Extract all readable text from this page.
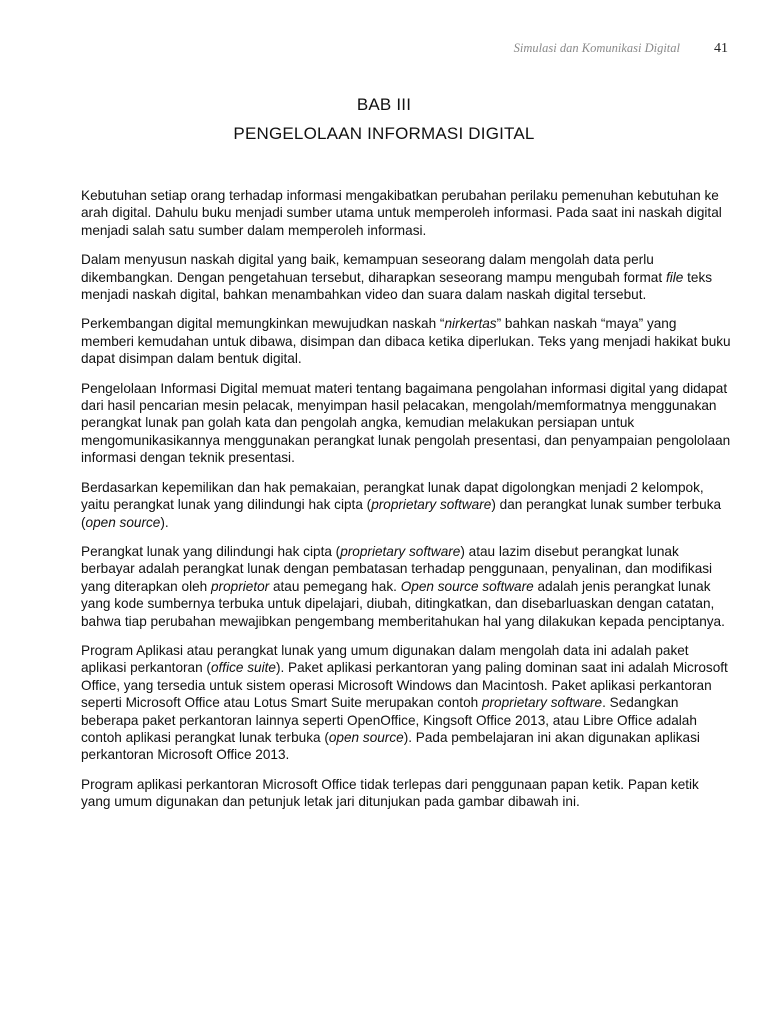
Simulasi dan Komunikasi Digital 41
BAB III
PENGELOLAAN INFORMASI DIGITAL

Kebutuhan setiap orang terhadap informasi mengakibatkan perubahan perilaku pemenuhan kebutuhan ke arah digital. Dahulu buku menjadi sumber utama untuk memperoleh informasi. Pada saat ini naskah digital menjadi salah satu sumber dalam memperoleh informasi.

Dalam menyusun naskah digital yang baik, kemampuan seseorang dalam mengolah data perlu dikembangkan. Dengan pengetahuan tersebut, diharapkan seseorang mampu mengubah format file teks menjadi naskah digital, bahkan menambahkan video dan suara dalam naskah digital tersebut.

Perkembangan digital memungkinkan mewujudkan naskah “nirkertas” bahkan naskah “maya” yang memberi kemudahan untuk dibawa, disimpan dan dibaca ketika diperlukan. Teks yang menjadi hakikat buku dapat disimpan dalam bentuk digital.

Pengelolaan Informasi Digital memuat materi tentang bagaimana pengolahan informasi digital yang didapat dari hasil pencarian mesin pelacak, menyimpan hasil pelacakan, mengolah/memformatnya menggunakan perangkat lunak pan golah kata dan pengolah angka, kemudian melakukan persiapan untuk mengomunikasikannya menggunakan perangkat lunak pengolah presentasi, dan penyampaian pengololaan informasi dengan teknik presentasi.

Berdasarkan kepemilikan dan hak pemakaian, perangkat lunak dapat digolongkan menjadi 2 kelompok, yaitu perangkat lunak yang dilindungi hak cipta (proprietary software) dan perangkat lunak sumber terbuka (open source).

Perangkat lunak yang dilindungi hak cipta (proprietary software) atau lazim disebut perangkat lunak berbayar adalah perangkat lunak dengan pembatasan terhadap penggunaan, penyalinan, dan modifikasi yang diterapkan oleh proprietor atau pemegang hak. Open source software adalah jenis perangkat lunak yang kode sumbernya terbuka untuk dipelajari, diubah, ditingkatkan, dan disebarluaskan dengan catatan, bahwa tiap perubahan mewajibkan pengembang memberitahukan hal yang dilakukan kepada penciptanya.

Program Aplikasi atau perangkat lunak yang umum digunakan dalam mengolah data ini adalah paket aplikasi perkantoran (office suite). Paket aplikasi perkantoran yang paling dominan saat ini adalah Microsoft Office, yang tersedia untuk sistem operasi Microsoft Windows dan Macintosh. Paket aplikasi perkantoran seperti Microsoft Office atau Lotus Smart Suite merupakan contoh proprietary software. Sedangkan beberapa paket perkantoran lainnya seperti OpenOffice, Kingsoft Office 2013, atau Libre Office adalah contoh aplikasi perangkat lunak terbuka (open source). Pada pembelajaran ini akan digunakan aplikasi perkantoran Microsoft Office 2013.

Program aplikasi perkantoran Microsoft Office tidak terlepas dari penggunaan papan ketik. Papan ketik yang umum digunakan dan petunjuk letak jari ditunjukan pada gambar dibawah ini.
